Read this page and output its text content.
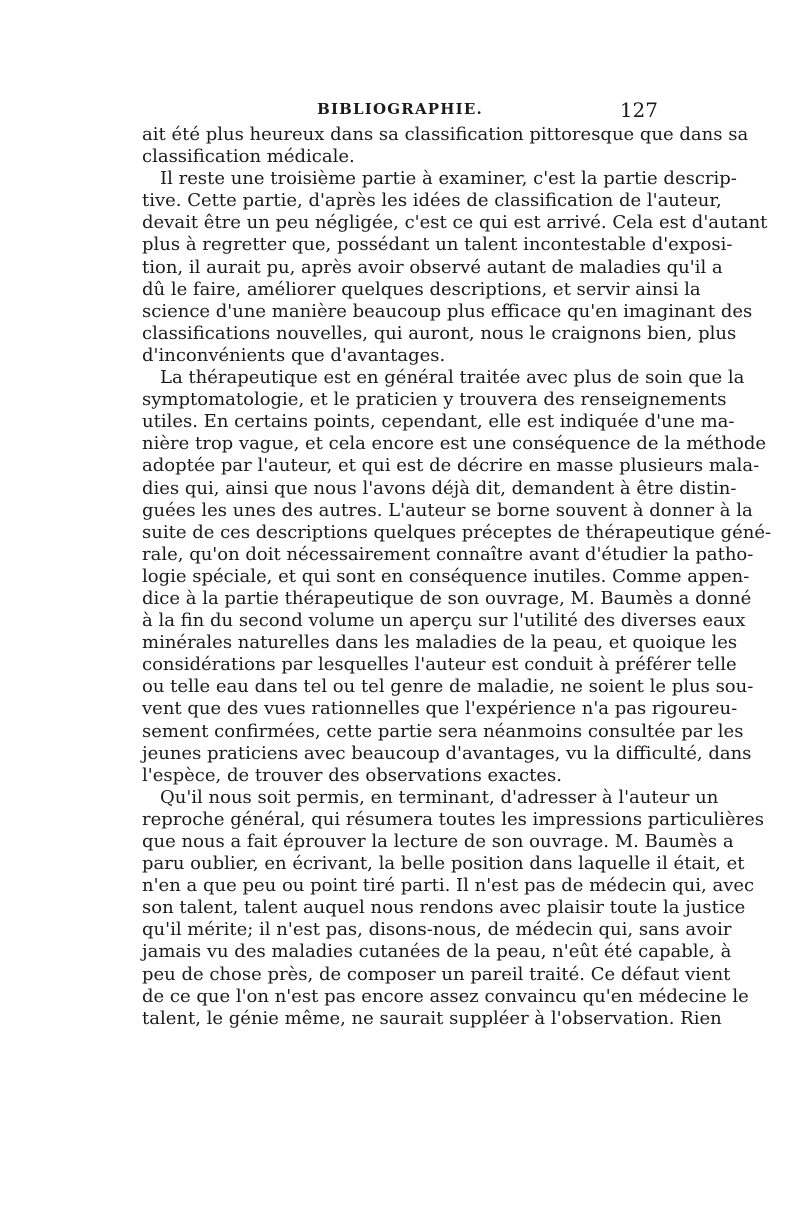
BIBLIOGRAPHIE.	127
ait été plus heureux dans sa classification pittoresque que dans sa
classification médicale.
Il reste une troisième partie à examiner, c'est la partie descrip-
tive. Cette partie, d'après les idées de classification de l'auteur,
devait être un peu négligée, c'est ce qui est arrivé. Cela est d'autant
plus à regretter que, possédant un talent incontestable d'exposi-
tion, il aurait pu, après avoir observé autant de maladies qu'il a
dû le faire, améliorer quelques descriptions, et servir ainsi la
science d'une manière beaucoup plus efficace qu'en imaginant des
classifications nouvelles, qui auront, nous le craignons bien, plus
d'inconvénients que d'avantages.
La thérapeutique est en général traitée avec plus de soin que la
symptomatologie, et le praticien y trouvera des renseignements
utiles. En certains points, cependant, elle est indiquée d'une ma-
nière trop vague, et cela encore est une conséquence de la méthode
adoptée par l'auteur, et qui est de décrire en masse plusieurs mala-
dies qui, ainsi que nous l'avons déjà dit, demandent à être distin-
guées les unes des autres. L'auteur se borne souvent à donner à la
suite de ces descriptions quelques préceptes de thérapeutique géné-
rale, qu'on doit nécessairement connaître avant d'étudier la patho-
logie spéciale, et qui sont en conséquence inutiles. Comme appen-
dice à la partie thérapeutique de son ouvrage, M. Baumès a donné
à la fin du second volume un aperçu sur l'utilité des diverses eaux
minérales naturelles dans les maladies de la peau, et quoique les
considérations par lesquelles l'auteur est conduit à préférer telle
ou telle eau dans tel ou tel genre de maladie, ne soient le plus sou-
vent que des vues rationnelles que l'expérience n'a pas rigoureu-
sement confirmées, cette partie sera néanmoins consultée par les
jeunes praticiens avec beaucoup d'avantages, vu la difficulté, dans
l'espèce, de trouver des observations exactes.
Qu'il nous soit permis, en terminant, d'adresser à l'auteur un
reproche général, qui résumera toutes les impressions particulières
que nous a fait éprouver la lecture de son ouvrage. M. Baumès a
paru oublier, en écrivant, la belle position dans laquelle il était, et
n'en a que peu ou point tiré parti. Il n'est pas de médecin qui, avec
son talent, talent auquel nous rendons avec plaisir toute la justice
qu'il mérite; il n'est pas, disons-nous, de médecin qui, sans avoir
jamais vu des maladies cutanées de la peau, n'eût été capable, à
peu de chose près, de composer un pareil traité. Ce défaut vient
de ce que l'on n'est pas encore assez convaincu qu'en médecine le
talent, le génie même, ne saurait suppléer à l'observation. Rien
